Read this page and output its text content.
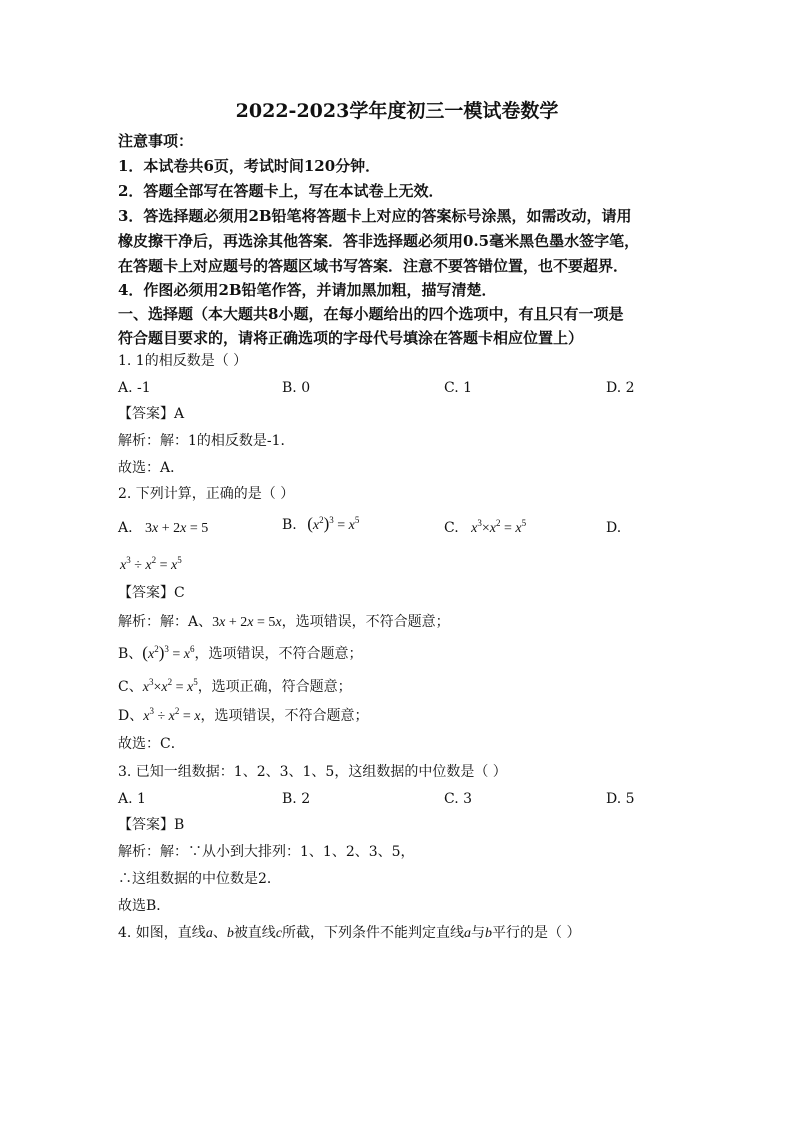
2022-2023学年度初三一模试卷数学
注意事项：
1．本试卷共6页，考试时间120分钟．
2．答题全部写在答题卡上，写在本试卷上无效．
3．答选择题必须用2B铅笔将答题卡上对应的答案标号涂黑，如需改动，请用
橡皮擦干净后，再选涂其他答案．答非选择题必须用0.5毫米黑色墨水签字笔，
在答题卡上对应题号的答题区域书写答案．注意不要答错位置，也不要超界．
4．作图必须用2B铅笔作答，并请加黑加粗，描写清楚．
一、选择题（本大题共8小题，在每小题给出的四个选项中，有且只有一项是
符合题目要求的，请将正确选项的字母代号填涂在答题卡相应位置上）
1. 1的相反数是（ ）
A. -1	B. 0	C. 1	D. 2
【答案】A
解析：解：1的相反数是-1．
故选：A．
2. 下列计算，正确的是（ ）
A. 3x + 2x = 5	B. $(x^2)^3 = x^5$	C. $x^3\times x^2 = x^5$	D.
$x^3 \div x^2 = x^5$
【答案】C
解析：解：A、3x + 2x = 5x，选项错误，不符合题意；
B、$(x^2)^3 = x^6$，选项错误，不符合题意；
C、$x^3\times x^2 = x^5$，选项正确，符合题意；
D、$x^3 \div x^2 = x$，选项错误，不符合题意；
故选：C．
3. 已知一组数据：1、2、3、1、5，这组数据的中位数是（ ）
A. 1	B. 2	C. 3	D. 5
【答案】B
解析：解：∵从小到大排列：1、1、2、3、5，
∴这组数据的中位数是2．
故选B．
4. 如图，直线a、b被直线c所截，下列条件不能判定直线a与b平行的是（ ）
